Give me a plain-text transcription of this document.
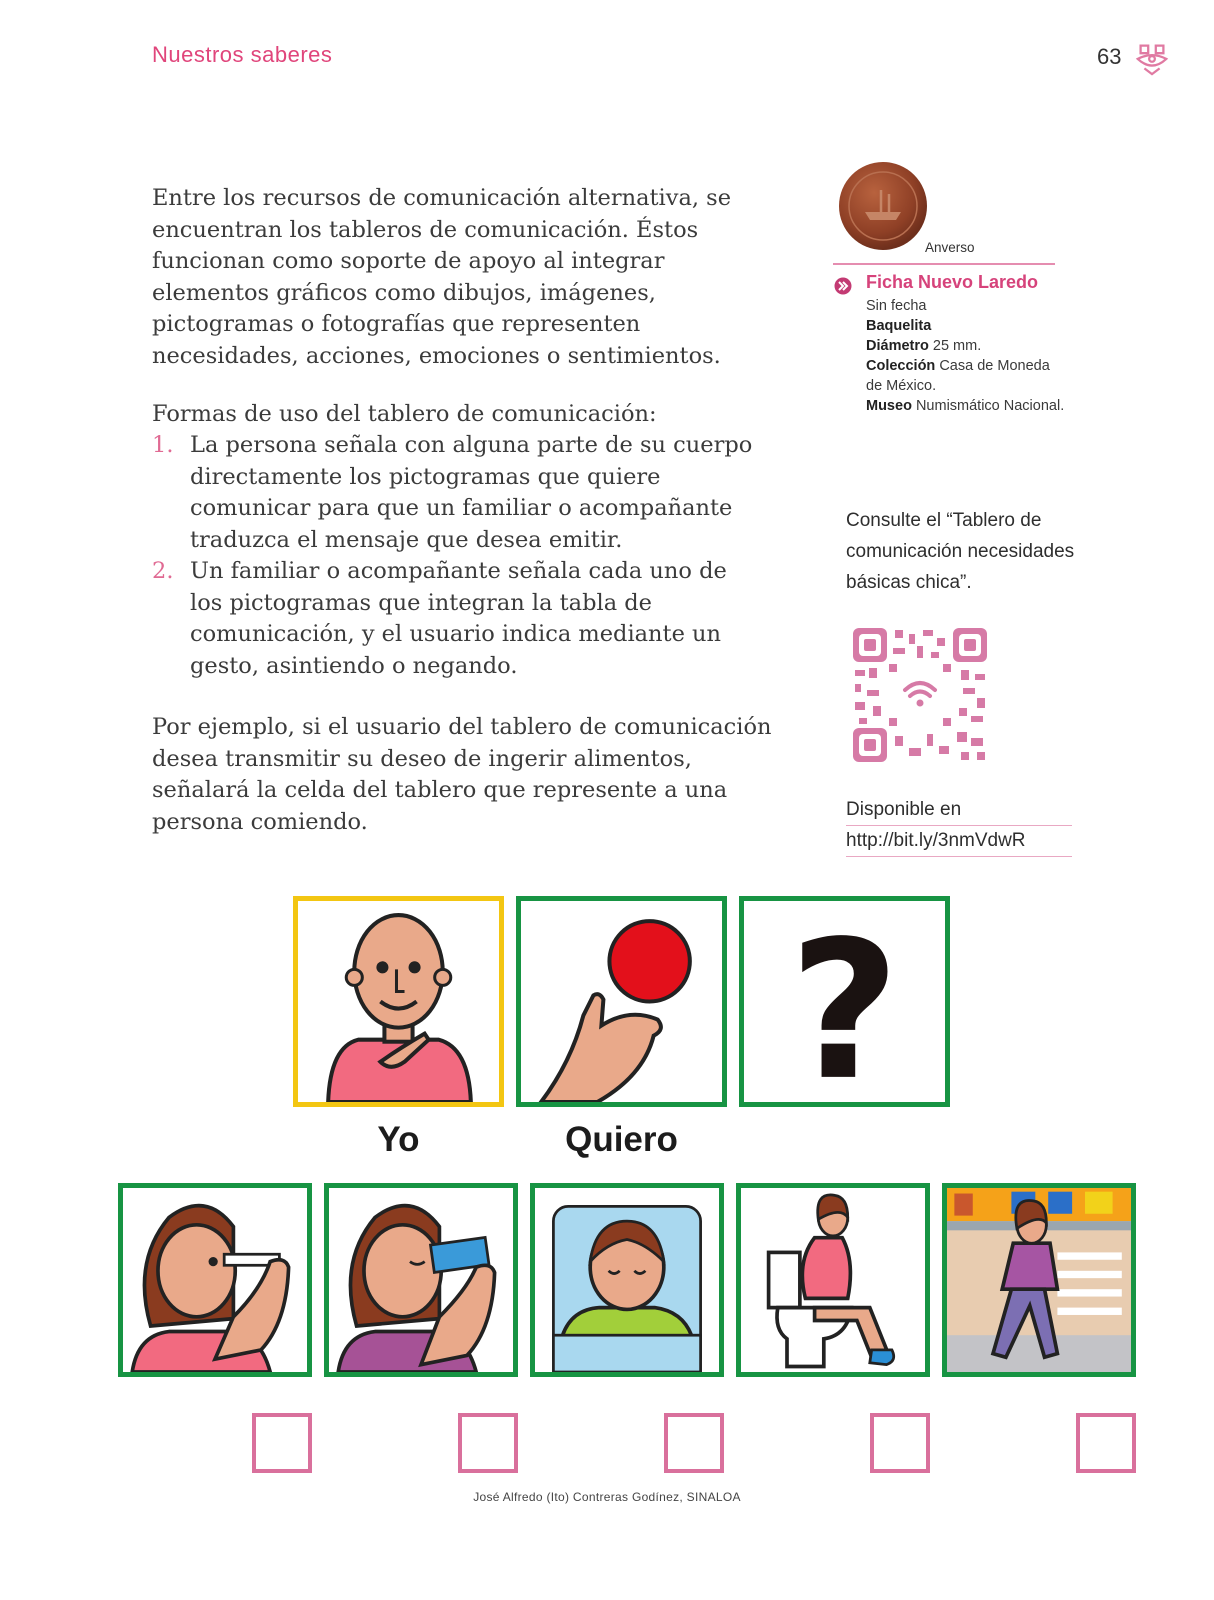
Nuestros saberes	63
Entre los recursos de comunicación alternativa, se encuentran los tableros de comunicación. Éstos funcionan como soporte de apoyo al integrar elementos gráficos como dibujos, imágenes, pictogramas o fotografías que representen necesidades, acciones, emociones o sentimientos.
Formas de uso del tablero de comunicación:
1. La persona señala con alguna parte de su cuerpo directamente los pictogramas que quiere comunicar para que un familiar o acompañante traduzca el mensaje que desea emitir.
2. Un familiar o acompañante señala cada uno de los pictogramas que integran la tabla de comunicación, y el usuario indica mediante un gesto, asintiendo o negando.
Por ejemplo, si el usuario del tablero de comunicación desea transmitir su deseo de ingerir alimentos, señalará la celda del tablero que represente a una persona comiendo.
Anverso
Ficha Nuevo Laredo
Sin fecha
Baquelita
Diámetro 25 mm.
Colección Casa de Moneda de México.
Museo Numismático Nacional.
Consulte el “Tablero de comunicación necesidades básicas chica”.
Disponible en
http://bit.ly/3nmVdwR
?
Yo	Quiero
José Alfredo (Ito) Contreras Godínez, SINALOA
